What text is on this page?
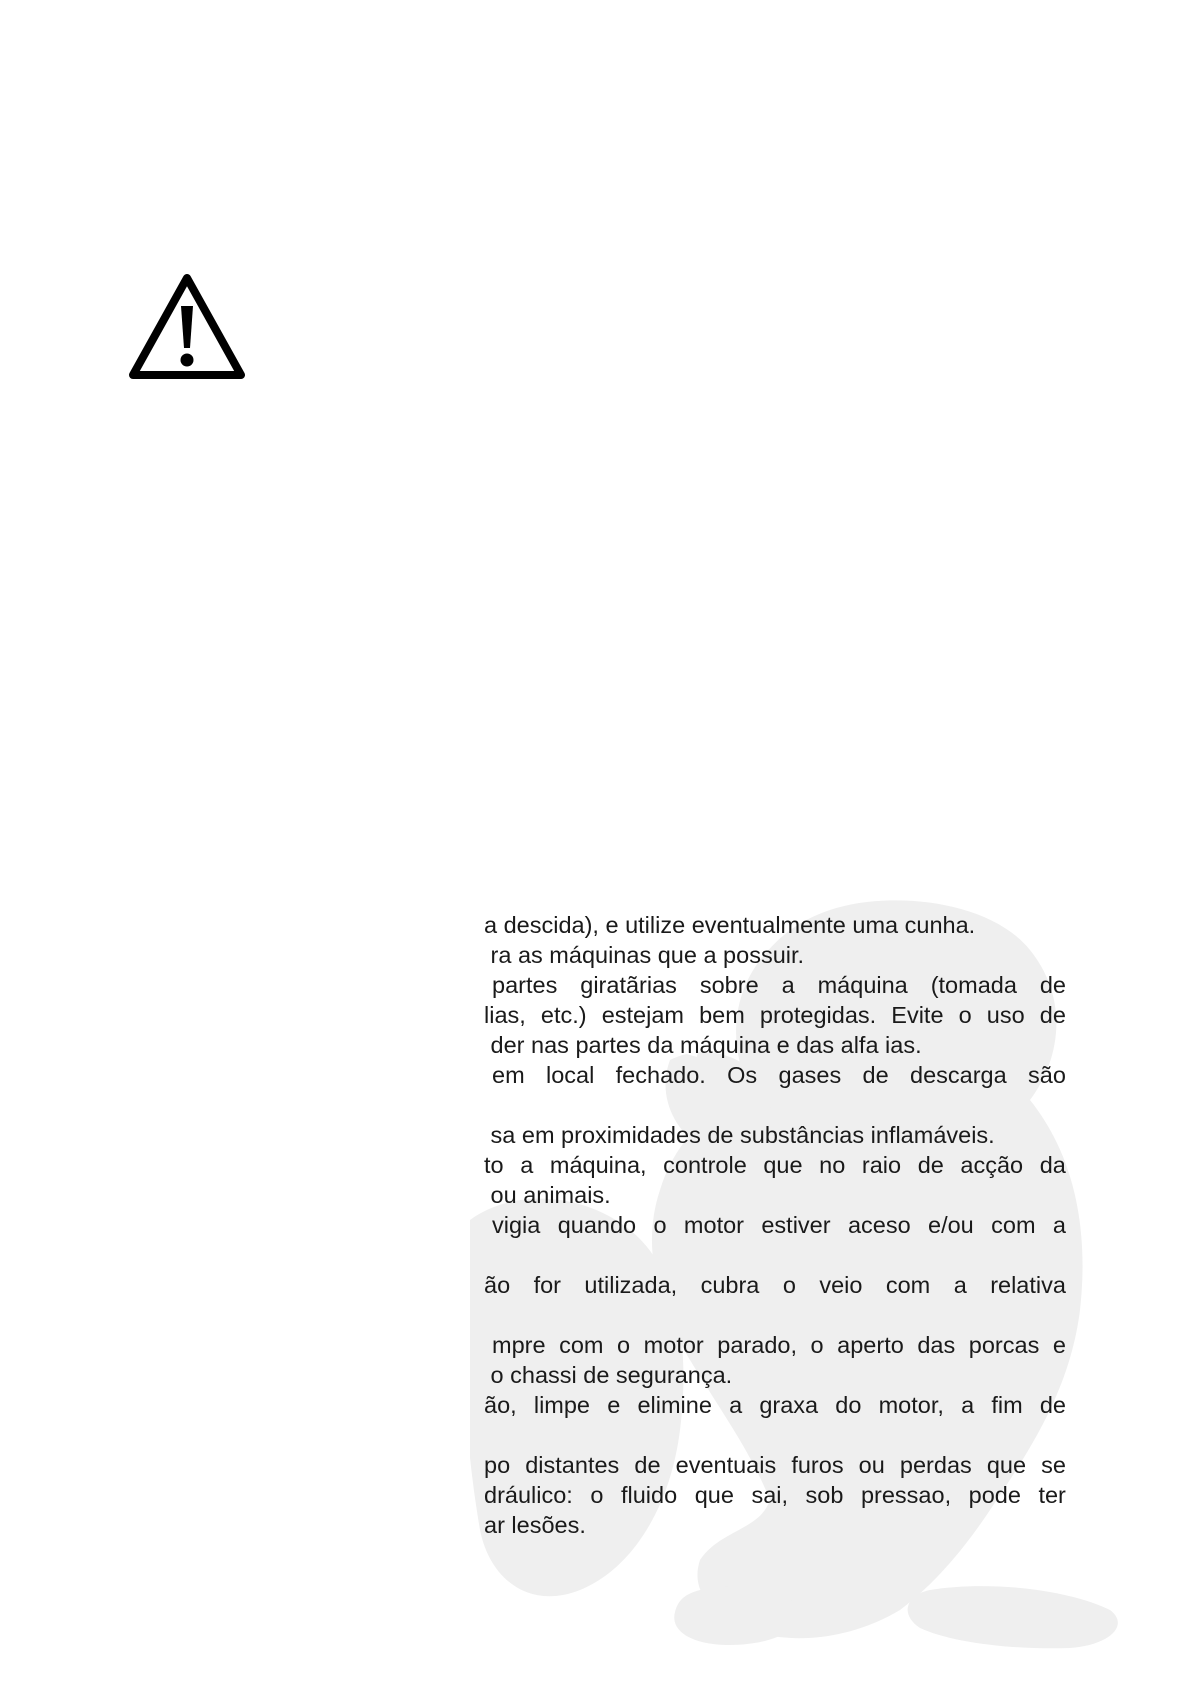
a descida), e utilize eventualmente uma cunha.
ra as máquinas que a possuir.
partes giratãrias sobre a máquina (tomada de
lias, etc.) estejam bem protegidas. Evite o uso de
der nas partes da máquina e das alfa ias.
em local fechado. Os gases de descarga são
sa em proximidades de substâncias inflamáveis.
to a máquina, controle que no raio de acção da
ou animais.
vigia quando o motor estiver aceso e/ou com a
ão for utilizada, cubra o veio com a relativa
mpre com o motor parado, o aperto das porcas e
o chassi de segurança.
ão, limpe e elimine a graxa do motor, a fim de
po distantes de eventuais furos ou perdas que se
dráulico: o fluido que sai, sob pressao, pode ter
ar lesões.
